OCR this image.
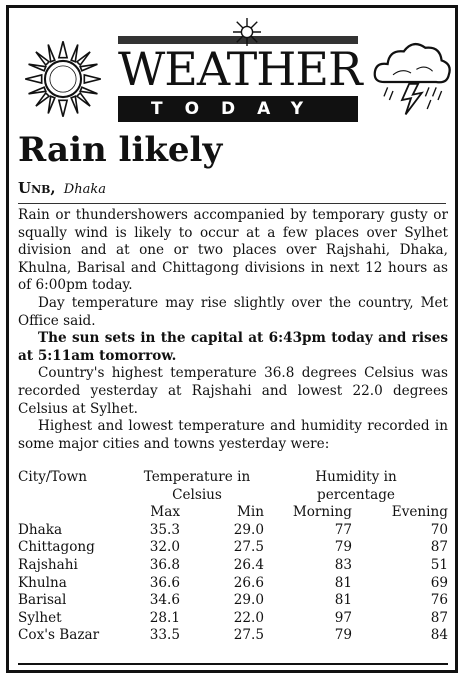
WEATHER
TODAY
Rain likely
Unb, Dhaka

Rain or thundershowers accompanied by temporary gusty or squally wind is likely to occur at a few places over Sylhet division and at one or two places over Rajshahi, Dhaka, Khulna, Barisal and Chittagong divisions in next 12 hours as of 6:00pm today.

Day temperature may rise slightly over the country, Met Office said.

The sun sets in the capital at 6:43pm today and rises at 5:11am tomorrow.

Country's highest temperature 36.8 degrees Celsius was recorded yesterday at Rajshahi and lowest 22.0 degrees Celsius at Sylhet.

Highest and lowest temperature and humidity recorded in some major cities and towns yesterday were:

City/Town	Temperature in		Humidity in	
	Celsius		percentage	
	Max	Min	Morning	Evening
Dhaka	35.3	29.0	77	70
Chittagong	32.0	27.5	79	87
Rajshahi	36.8	26.4	83	51
Khulna	36.6	26.6	81	69
Barisal	34.6	29.0	81	76
Sylhet	28.1	22.0	97	87
Cox's Bazar	33.5	27.5	79	84
